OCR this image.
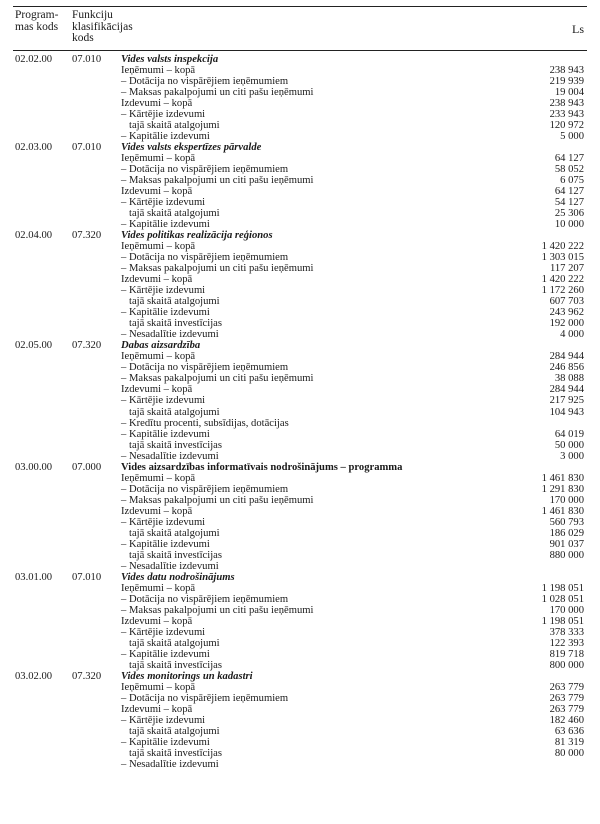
Program-
mas kods
Funkciju
klasifikācijas
kods
Ls
02.02.00 07.010 Vides valsts inspekcija
Ieņēmumi – kopā	238 943
– Dotācija no vispārējiem ieņēmumiem	219 939
– Maksas pakalpojumi un citi pašu ieņēmumi	19 004
Izdevumi – kopā	238 943
– Kārtējie izdevumi	233 943
tajā skaitā atalgojumi	120 972
– Kapitālie izdevumi	5 000
02.03.00 07.010 Vides valsts ekspertīzes pārvalde
Ieņēmumi – kopā	64 127
– Dotācija no vispārējiem ieņēmumiem	58 052
– Maksas pakalpojumi un citi pašu ieņēmumi	6 075
Izdevumi – kopā	64 127
– Kārtējie izdevumi	54 127
tajā skaitā atalgojumi	25 306
– Kapitālie izdevumi	10 000
02.04.00 07.320 Vides politikas realizācija reģionos
Ieņēmumi – kopā	1 420 222
– Dotācija no vispārējiem ieņēmumiem	1 303 015
– Maksas pakalpojumi un citi pašu ieņēmumi	117 207
Izdevumi – kopā	1 420 222
– Kārtējie izdevumi	1 172 260
tajā skaitā atalgojumi	607 703
– Kapitālie izdevumi	243 962
tajā skaitā investīcijas	192 000
– Nesadalītie izdevumi	4 000
02.05.00 07.320 Dabas aizsardzība
Ieņēmumi – kopā	284 944
– Dotācija no vispārējiem ieņēmumiem	246 856
– Maksas pakalpojumi un citi pašu ieņēmumi	38 088
Izdevumi – kopā	284 944
– Kārtējie izdevumi	217 925
tajā skaitā atalgojumi	104 943
– Kredītu procenti, subsīdijas, dotācijas
– Kapitālie izdevumi	64 019
tajā skaitā investīcijas	50 000
– Nesadalītie izdevumi	3 000
03.00.00 07.000 Vides aizsardzības informatīvais nodrošinājums – programma
Ieņēmumi – kopā	1 461 830
– Dotācija no vispārējiem ieņēmumiem	1 291 830
– Maksas pakalpojumi un citi pašu ieņēmumi	170 000
Izdevumi – kopā	1 461 830
– Kārtējie izdevumi	560 793
tajā skaitā atalgojumi	186 029
– Kapitālie izdevumi	901 037
tajā skaitā investīcijas	880 000
– Nesadalītie izdevumi
03.01.00 07.010 Vides datu nodrošinājums
Ieņēmumi – kopā	1 198 051
– Dotācija no vispārējiem ieņēmumiem	1 028 051
– Maksas pakalpojumi un citi pašu ieņēmumi	170 000
Izdevumi – kopā	1 198 051
– Kārtējie izdevumi	378 333
tajā skaitā atalgojumi	122 393
– Kapitālie izdevumi	819 718
tajā skaitā investīcijas	800 000
03.02.00 07.320 Vides monitorings un kadastri
Ieņēmumi – kopā	263 779
– Dotācija no vispārējiem ieņēmumiem	263 779
Izdevumi – kopā	263 779
– Kārtējie izdevumi	182 460
tajā skaitā atalgojumi	63 636
– Kapitālie izdevumi	81 319
tajā skaitā investīcijas	80 000
– Nesadalītie izdevumi
